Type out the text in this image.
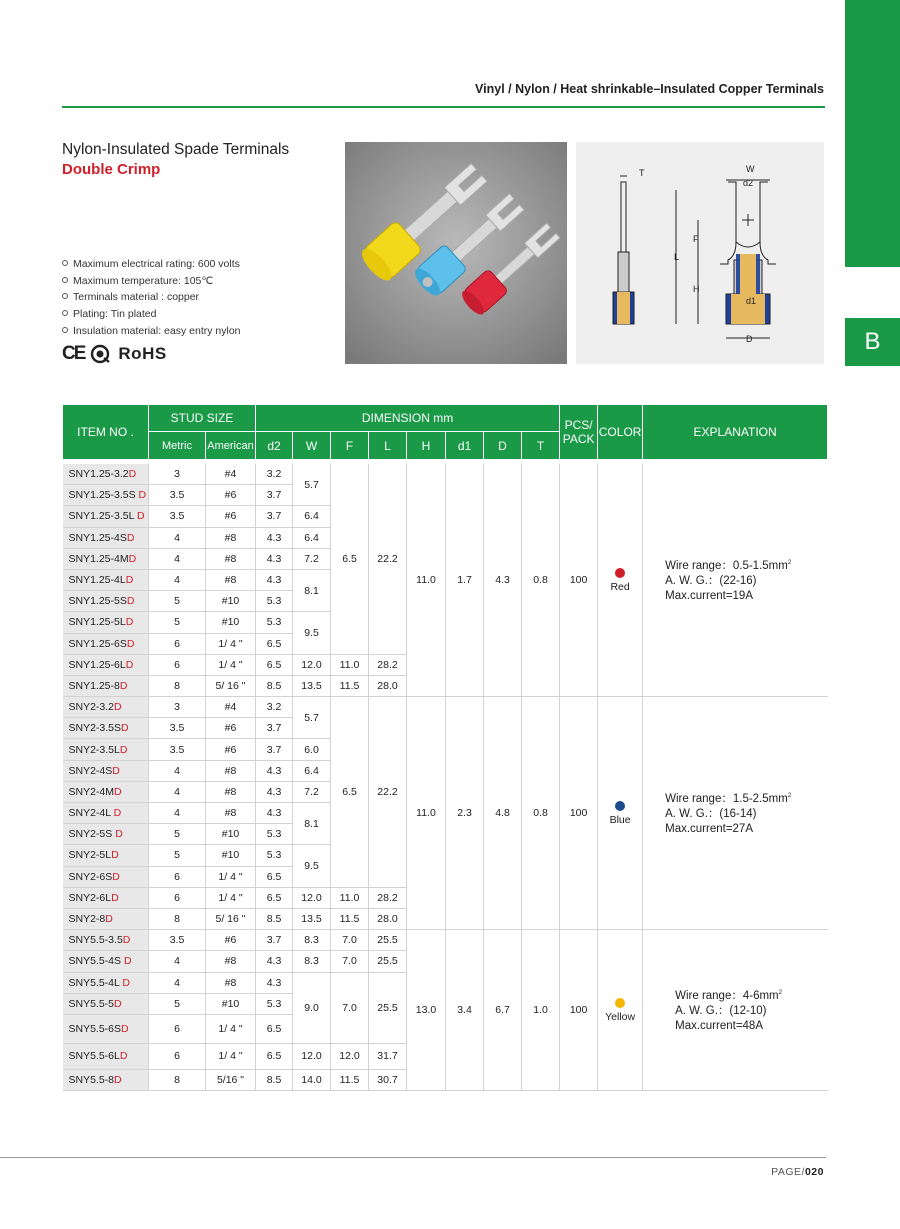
B
Vinyl / Nylon / Heat shrinkable–Insulated Copper Terminals
Nylon-Insulated Spade Terminals
Double Crimp
Maximum electrical rating: 600 volts
Maximum temperature: 105℃
Terminals material : copper
Plating: Tin plated
Insulation material: easy entry nylon
CE RoHS
T	W
d2
L
F
H
d1
D
ITEM NO .	STUD SIZE		DIMENSION mm								PCS/
PACK	COLOR	EXPLANATION
	Metric	American	d2	W	F	L	H	d1	D	T			

SNY1.25-3.2D	3	#4	3.2	5.7	6.5	22.2	11.0	1.7	4.3	0.8	100	Red	Wire range：$0.5-1.5mm^2$
A. W. G.：(22-16)
Max.current=19A
SNY1.25-3.5S D	3.5	#6	3.7										
SNY1.25-3.5L D	3.5	#6	3.7	6.4									
SNY1.25-4SD	4	#8	4.3	6.4									
SNY1.25-4MD	4	#8	4.3	7.2									
SNY1.25-4LD	4	#8	4.3	8.1									
SNY1.25-5SD	5	#10	5.3										
SNY1.25-5LD	5	#10	5.3	9.5									
SNY1.25-6SD	6	1/ 4 "	6.5										
SNY1.25-6LD	6	1/ 4 "	6.5	12.0	11.0	28.2							
SNY1.25-8D	8	5/ 16 "	8.5	13.5	11.5	28.0							
SNY2-3.2D	3	#4	3.2	5.7	6.5	22.2	11.0	2.3	4.8	0.8	100	Blue	Wire range：$1.5-2.5mm^2$
A. W. G.：(16-14)
Max.current=27A
SNY2-3.5SD	3.5	#6	3.7										
SNY2-3.5LD	3.5	#6	3.7	6.0									
SNY2-4SD	4	#8	4.3	6.4									
SNY2-4MD	4	#8	4.3	7.2									
SNY2-4L D	4	#8	4.3	8.1									
SNY2-5S D	5	#10	5.3										
SNY2-5LD	5	#10	5.3	9.5									
SNY2-6SD	6	1/ 4 "	6.5										
SNY2-6LD	6	1/ 4 "	6.5	12.0	11.0	28.2							
SNY2-8D	8	5/ 16 "	8.5	13.5	11.5	28.0							
SNY5.5-3.5D	3.5	#6	3.7	8.3	7.0	25.5	13.0	3.4	6.7	1.0	100	Yellow	Wire range：$4-6mm^2$
A. W. G.：(12-10)
Max.current=48A
SNY5.5-4S D	4	#8	4.3	8.3	7.0	25.5							
SNY5.5-4L D	4	#8	4.3	9.0	7.0	25.5							
SNY5.5-5D	5	#10	5.3										
SNY5.5-6SD	6	1/ 4 "	6.5										
SNY5.5-6LD	6	1/ 4 "	6.5	12.0	12.0	31.7							
SNY5.5-8D	8	5/16 "	8.5	14.0	11.5	30.7							
PAGE/020
